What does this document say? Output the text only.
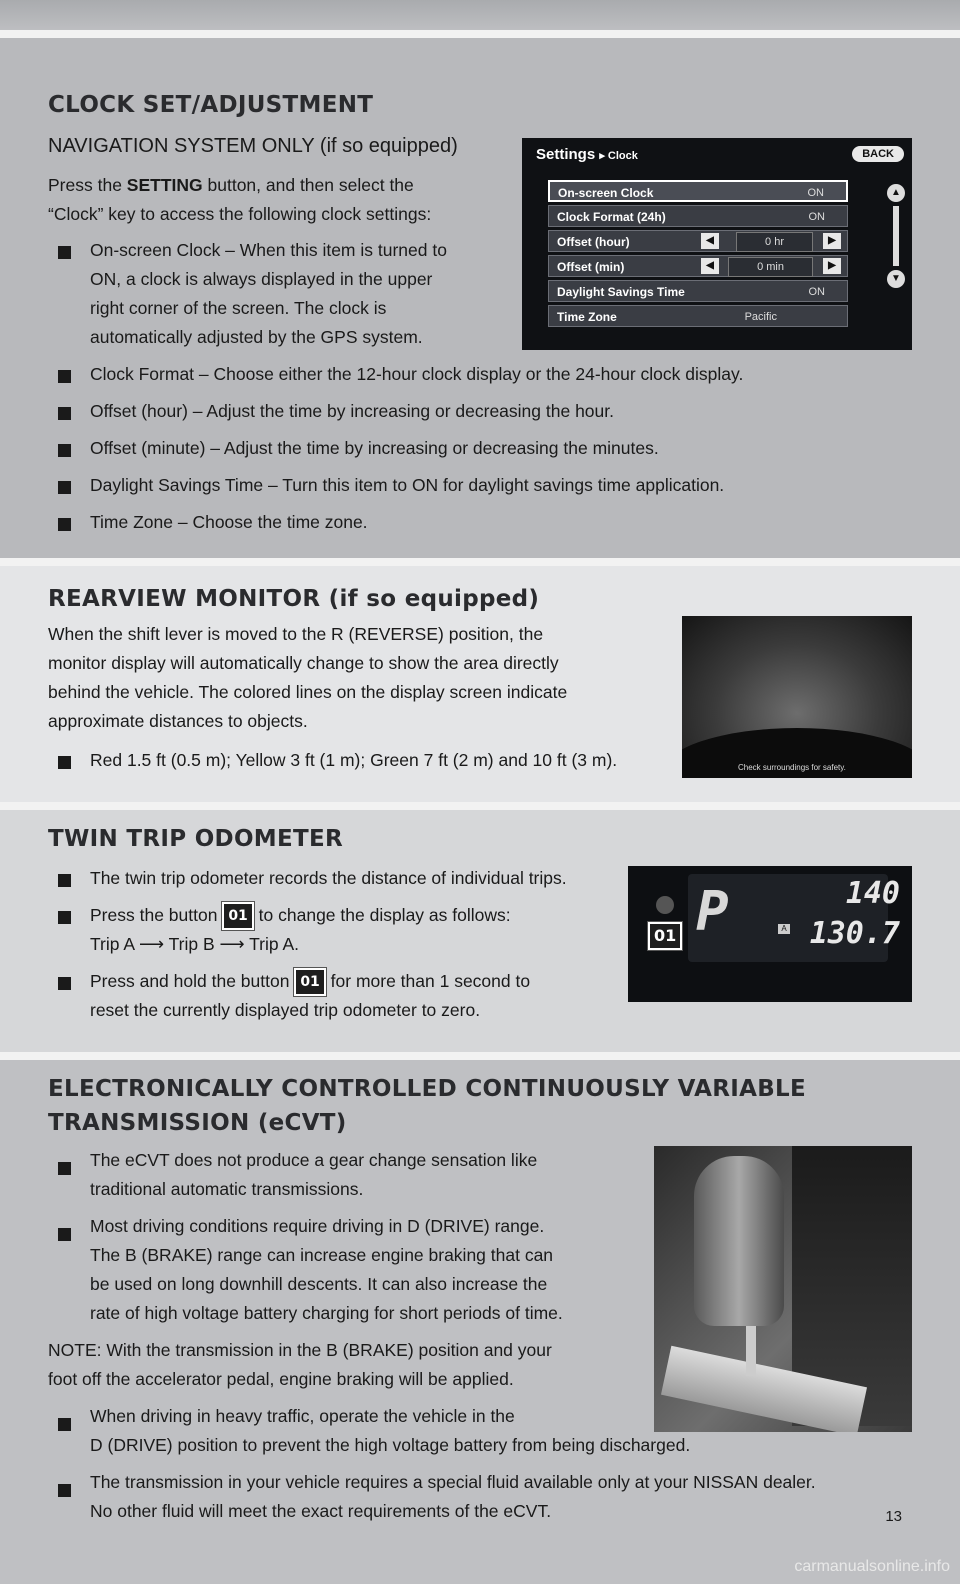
CLOCK SET/ADJUSTMENT

NAVIGATION SYSTEM ONLY (if so equipped)

Press the SETTING button, and then select the

“Clock” key to access the following clock settings:

On-screen Clock – When this item is turned to

ON, a clock is always displayed in the upper

right corner of the screen. The clock is

automatically adjusted by the GPS system.

Clock Format – Choose either the 12-hour clock display or the 24-hour clock display.

Offset (hour) – Adjust the time by increasing or decreasing the hour.

Offset (minute) – Adjust the time by increasing or decreasing the minutes.

Daylight Savings Time – Turn this item to ON for daylight savings time application.

Time Zone – Choose the time zone.

Settings ▸ Clock	BACK
On-screen Clock	ON
Clock Format (24h)	ON
Offset (hour)	◀	0 hr	▶
Offset (min)	◀	0 min	▶
Daylight Savings Time	ON
Time Zone	Pacific
▲
▼
REARVIEW MONITOR (if so equipped)

When the shift lever is moved to the R (REVERSE) position, the

monitor display will automatically change to show the area directly

behind the vehicle. The colored lines on the display screen indicate

approximate distances to objects.

Red 1.5 ft (0.5 m); Yellow 3 ft (1 m); Green 7 ft (2 m) and 10 ft (3 m).	Check surroundings for safety.
TWIN TRIP ODOMETER

The twin trip odometer records the distance of individual trips.

Press the button 01 to change the display as follows:

Trip A ⟶ Trip B ⟶ Trip A.

Press and hold the button 01 for more than 1 second to

reset the currently displayed trip odometer to zero.

P	A
140
130.7
01
ELECTRONICALLY CONTROLLED CONTINUOUSLY VARIABLE
TRANSMISSION (eCVT)

The eCVT does not produce a gear change sensation like

traditional automatic transmissions.

Most driving conditions require driving in D (DRIVE) range.

The B (BRAKE) range can increase engine braking that can

be used on long downhill descents. It can also increase the

rate of high voltage battery charging for short periods of time.

NOTE: With the transmission in the B (BRAKE) position and your

foot off the accelerator pedal, engine braking will be applied.

When driving in heavy traffic, operate the vehicle in the

D (DRIVE) position to prevent the high voltage battery from being discharged.

The transmission in your vehicle requires a special fluid available only at your NISSAN dealer.

No other fluid will meet the exact requirements of the eCVT.	13
carmanualsonline.info
